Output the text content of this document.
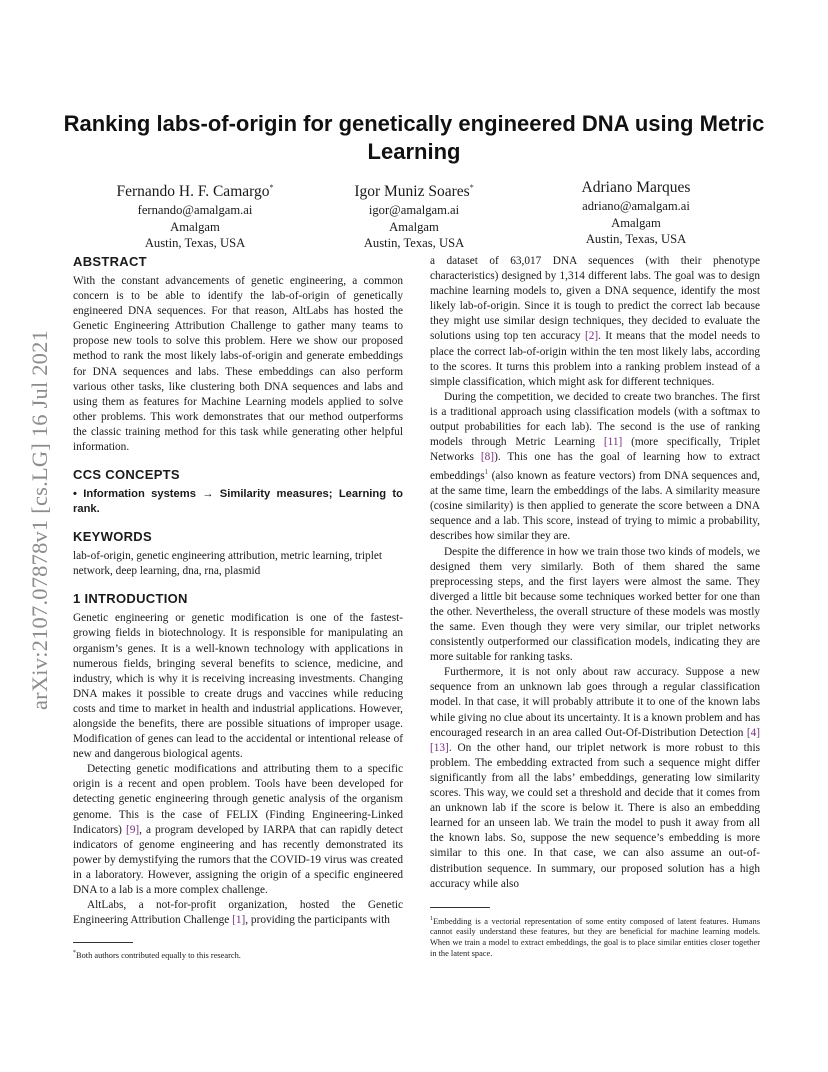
arXiv:2107.07878v1 [cs.LG] 16 Jul 2021
Ranking labs-of-origin for genetically engineered DNA using Metric Learning
Fernando H. F. Camargo*
fernando@amalgam.ai
Amalgam
Austin, Texas, USA
Igor Muniz Soares*
igor@amalgam.ai
Amalgam
Austin, Texas, USA
Adriano Marques
adriano@amalgam.ai
Amalgam
Austin, Texas, USA
ABSTRACT

With the constant advancements of genetic engineering, a common concern is to be able to identify the lab-of-origin of genetically engineered DNA sequences. For that reason, AltLabs has hosted the Genetic Engineering Attribution Challenge to gather many teams to propose new tools to solve this problem. Here we show our proposed method to rank the most likely labs-of-origin and generate embeddings for DNA sequences and labs. These embeddings can also perform various other tasks, like clustering both DNA sequences and labs and using them as features for Machine Learning models applied to solve other problems. This work demonstrates that our method outperforms the classic training method for this task while generating other helpful information.

CCS CONCEPTS

• Information systems → Similarity measures; Learning to rank.

KEYWORDS

lab-of-origin, genetic engineering attribution, metric learning, triplet network, deep learning, dna, rna, plasmid

1 INTRODUCTION

Genetic engineering or genetic modification is one of the fastest-growing fields in biotechnology. It is responsible for manipulating an organism’s genes. It is a well-known technology with applications in numerous fields, bringing several benefits to science, medicine, and industry, which is why it is receiving increasing investments. Changing DNA makes it possible to create drugs and vaccines while reducing costs and time to market in health and industrial applications. However, alongside the benefits, there are possible situations of improper usage. Modification of genes can lead to the accidental or intentional release of new and dangerous biological agents.

Detecting genetic modifications and attributing them to a specific origin is a recent and open problem. Tools have been developed for detecting genetic engineering through genetic analysis of the organism genome. This is the case of FELIX (Finding Engineering-Linked Indicators) [9], a program developed by IARPA that can rapidly detect indicators of genome engineering and has recently demonstrated its power by demystifying the rumors that the COVID-19 virus was created in a laboratory. However, assigning the origin of a specific engineered DNA to a lab is a more complex challenge.

AltLabs, a not-for-profit organization, hosted the Genetic Engineering Attribution Challenge [1], providing the participants with

a dataset of 63,017 DNA sequences (with their phenotype characteristics) designed by 1,314 different labs. The goal was to design machine learning models to, given a DNA sequence, identify the most likely lab-of-origin. Since it is tough to predict the correct lab because they might use similar design techniques, they decided to evaluate the solutions using top ten accuracy [2]. It means that the model needs to place the correct lab-of-origin within the ten most likely labs, according to the scores. It turns this problem into a ranking problem instead of a simple classification, which might ask for different techniques.

During the competition, we decided to create two branches. The first is a traditional approach using classification models (with a softmax to output probabilities for each lab). The second is the use of ranking models through Metric Learning [11] (more specifically, Triplet Networks [8]). This one has the goal of learning how to extract embeddings$^1$ (also known as feature vectors) from DNA sequences and, at the same time, learn the embeddings of the labs. A similarity measure (cosine similarity) is then applied to generate the score between a DNA sequence and a lab. This score, instead of trying to mimic a probability, describes how similar they are.

Despite the difference in how we train those two kinds of models, we designed them very similarly. Both of them shared the same preprocessing steps, and the first layers were almost the same. They diverged a little bit because some techniques worked better for one than the other. Nevertheless, the overall structure of these models was mostly the same. Even though they were very similar, our triplet networks consistently outperformed our classification models, indicating they are more suitable for ranking tasks.

Furthermore, it is not only about raw accuracy. Suppose a new sequence from an unknown lab goes through a regular classification model. In that case, it will probably attribute it to one of the known labs while giving no clue about its uncertainty. It is a known problem and has encouraged research in an area called Out-Of-Distribution Detection [4][13]. On the other hand, our triplet network is more robust to this problem. The embedding extracted from such a sequence might differ significantly from all the labs’ embeddings, generating low similarity scores. This way, we could set a threshold and decide that it comes from an unknown lab if the score is below it. There is also an embedding learned for an unseen lab. We train the model to push it away from all the known labs. So, suppose the new sequence’s embedding is more similar to this one. In that case, we can also assume an out-of-distribution sequence. In summary, our proposed solution has a high accuracy while also

*Both authors contributed equally to this research.
$^1$Embedding is a vectorial representation of some entity composed of latent features. Humans cannot easily understand these features, but they are beneficial for machine learning models. When we train a model to extract embeddings, the goal is to place similar entities closer together in the latent space.
